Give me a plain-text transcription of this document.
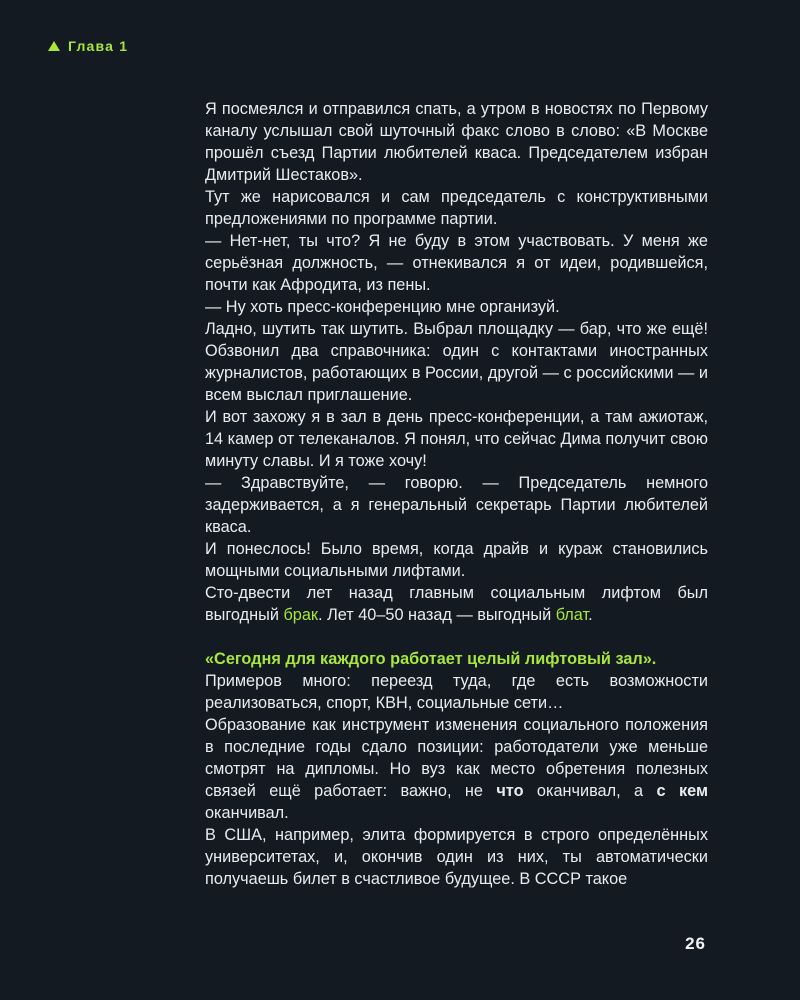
Глава 1

Я посмеялся и отправился спать, а утром в новостях по Первому каналу услышал свой шуточный факс слово в слово: «В Москве прошёл съезд Партии любителей кваса. Председателем избран Дмитрий Шестаков».

Тут же нарисовался и сам председатель с конструктивными предложениями по программе партии.

— Нет-нет, ты что? Я не буду в этом участвовать. У меня же серьёзная должность, — отнекивался я от идеи, родившейся, почти как Афродита, из пены.

— Ну хоть пресс-конференцию мне организуй.

Ладно, шутить так шутить. Выбрал площадку — бар, что же ещё! Обзвонил два справочника: один с контактами иностранных журналистов, работающих в России, другой — с российскими — и всем выслал приглашение.

И вот захожу я в зал в день пресс-конференции, а там ажиотаж, 14 камер от телеканалов. Я понял, что сейчас Дима получит свою минуту славы. И я тоже хочу!

— Здравствуйте, — говорю. — Председатель немного задерживается, а я генеральный секретарь Партии любителей кваса.

И понеслось! Было время, когда драйв и кураж становились мощными социальными лифтами.

Сто-двести лет назад главным социальным лифтом был выгодный брак. Лет 40–50 назад — выгодный блат.

«Сегодня для каждого работает целый лифтовый зал».

Примеров много: переезд туда, где есть возможности реализоваться, спорт, КВН, социальные сети…

Образование как инструмент изменения социального положения в последние годы сдало позиции: работодатели уже меньше смотрят на дипломы. Но вуз как место обретения полезных связей ещё работает: важно, не что оканчивал, а с кем оканчивал.

В США, например, элита формируется в строго определённых университетах, и, окончив один из них, ты автоматически получаешь билет в счастливое будущее. В СССР такое

26
